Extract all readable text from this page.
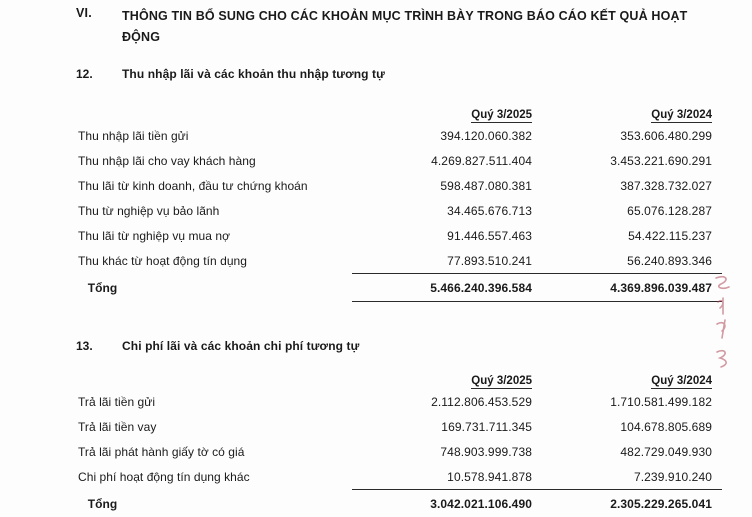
VI. THÔNG TIN BỔ SUNG CHO CÁC KHOẢN MỤC TRÌNH BÀY TRONG BÁO CÁO KẾT QUẢ HOẠT ĐỘNG
12. Thu nhập lãi và các khoản thu nhập tương tự
	Quý 3/2025	Quý 3/2024	
Thu nhập lãi tiền gửi	394.120.060.382	353.606.480.299	
Thu nhập lãi cho vay khách hàng	4.269.827.511.404	3.453.221.690.291	
Thu lãi từ kinh doanh, đầu tư chứng khoán	598.487.080.381	387.328.732.027	
Thu từ nghiệp vụ bảo lãnh	34.465.676.713	65.076.128.287	
Thu lãi từ nghiệp vụ mua nợ	91.446.557.463	54.422.115.237	
Thu khác từ hoạt động tín dụng	77.893.510.241	56.240.893.346	
Tổng	5.466.240.396.584	4.369.896.039.487	
13. Chi phí lãi và các khoản chi phí tương tự
	Quý 3/2025	Quý 3/2024	
Trả lãi tiền gửi	2.112.806.453.529	1.710.581.499.182	
Trả lãi tiền vay	169.731.711.345	104.678.805.689	
Trả lãi phát hành giấy tờ có giá	748.903.999.738	482.729.049.930	
Chi phí hoạt động tín dụng khác	10.578.941.878	7.239.910.240	
Tổng	3.042.021.106.490	2.305.229.265.041	
